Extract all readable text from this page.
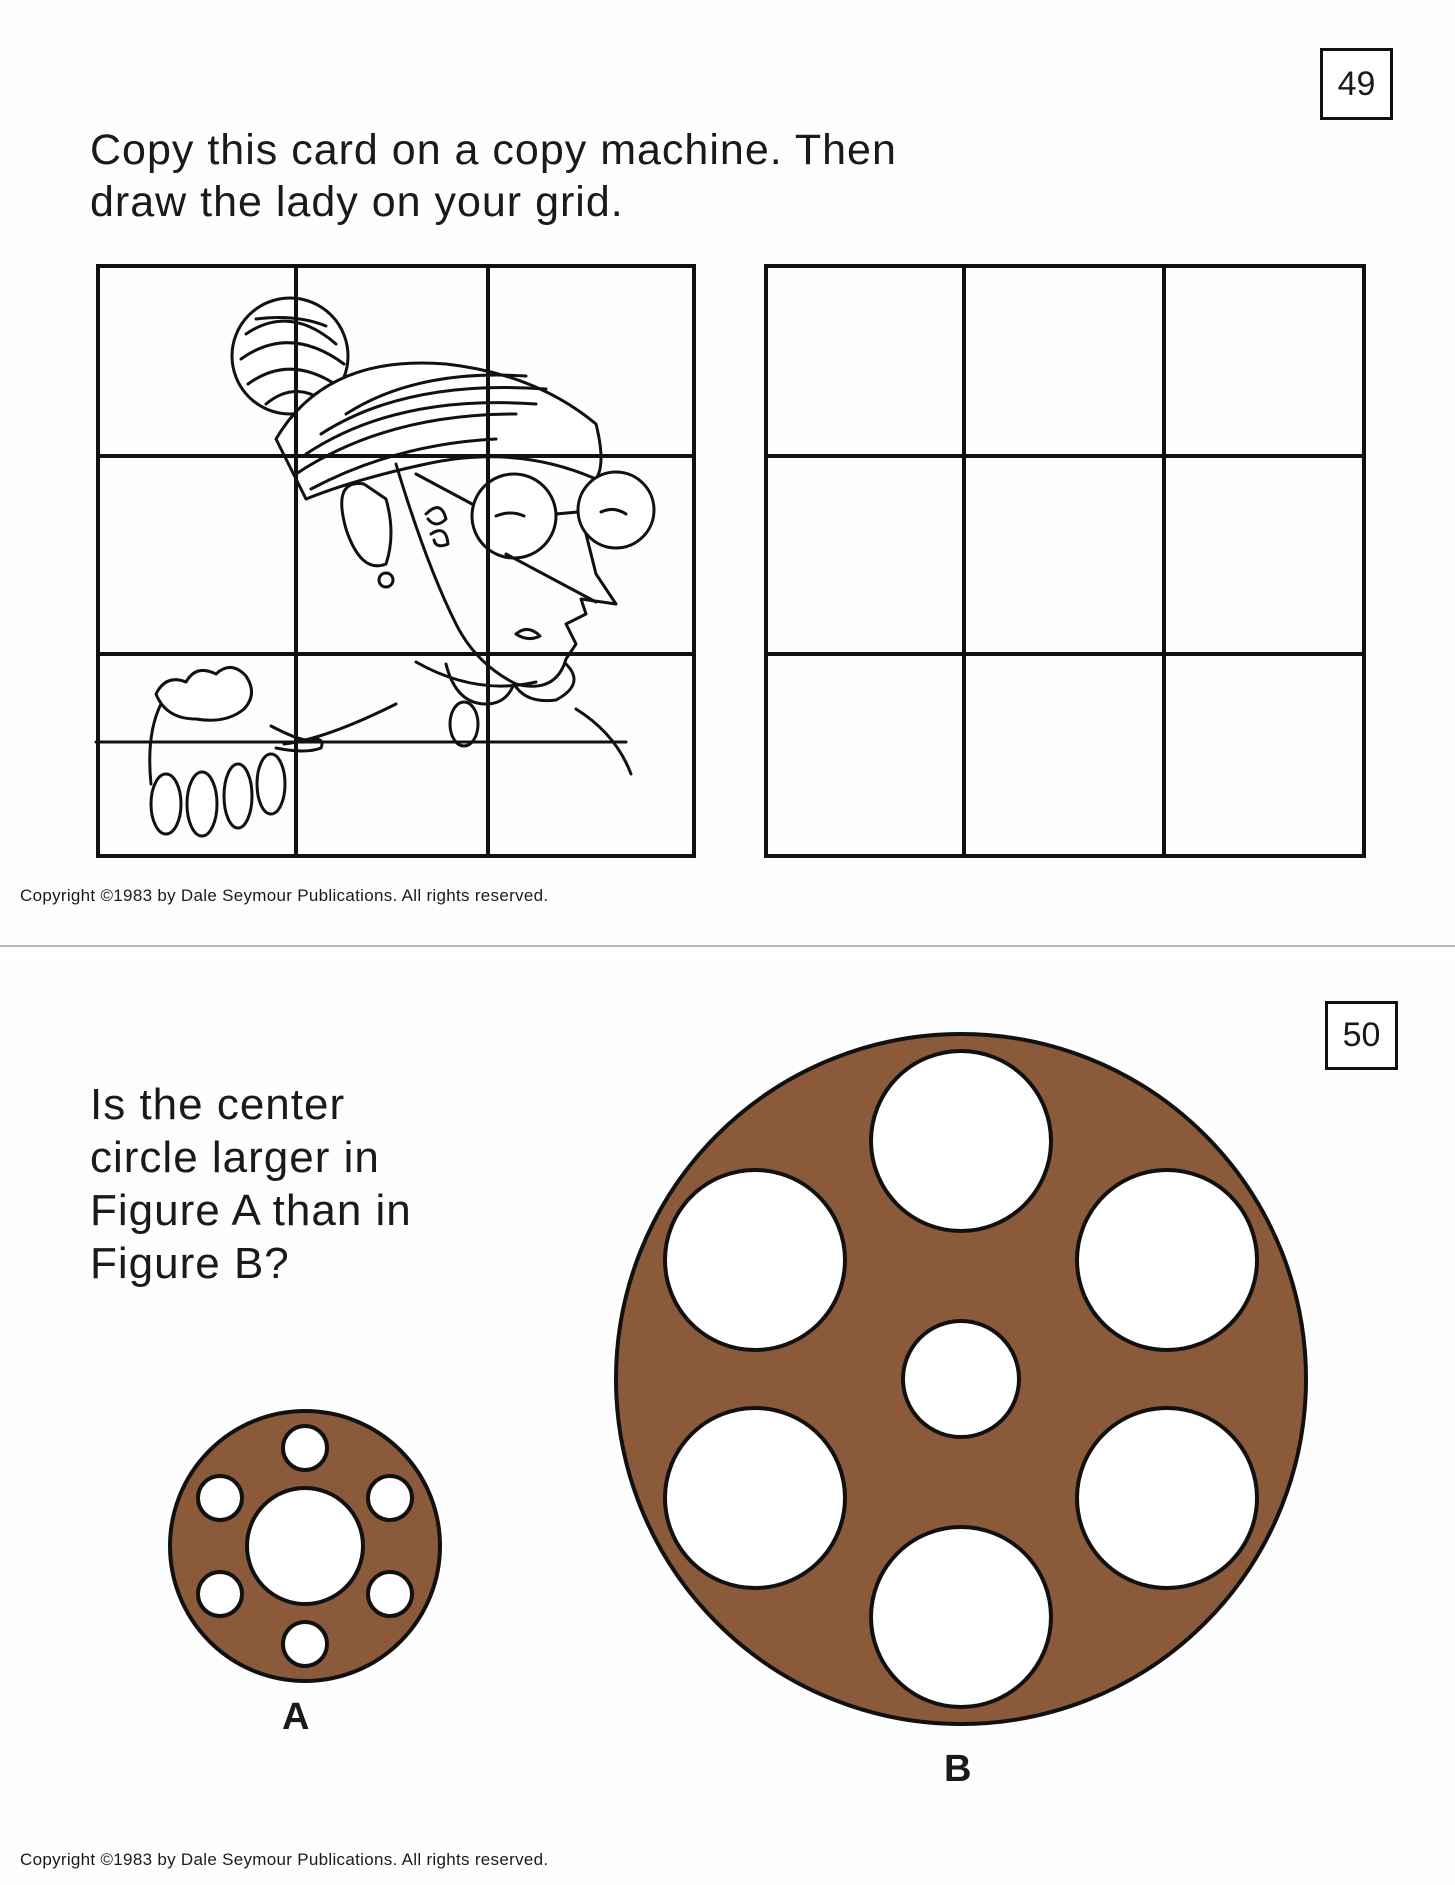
49
Copy this card on a copy machine. Then
draw the lady on your grid.
Copyright ©1983 by Dale Seymour Publications. All rights reserved.
50
Is the center
circle larger in
Figure A than in
Figure B?
A
B
Copyright ©1983 by Dale Seymour Publications. All rights reserved.
